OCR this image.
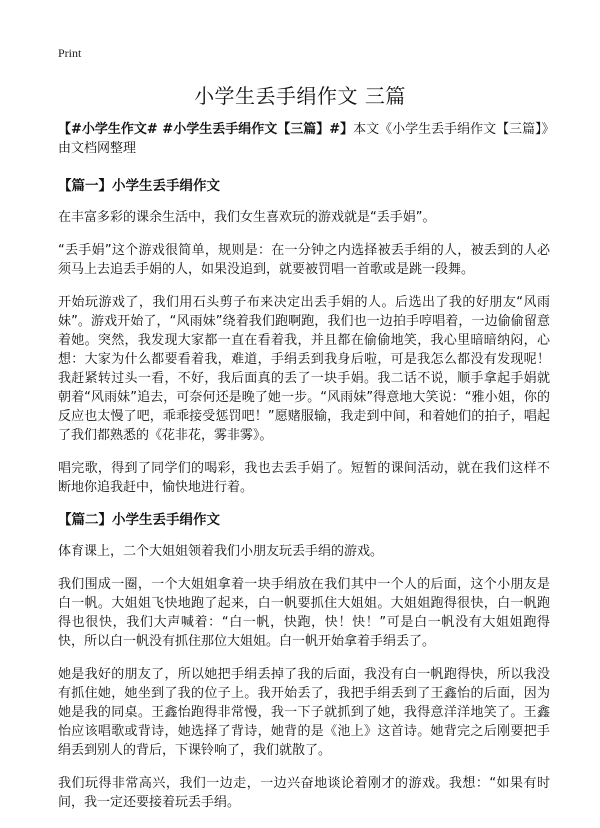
Print
小学生丢手绢作文 三篇

【#小学生作文# #小学生丢手绢作文【三篇】#】本文《小学生丢手绢作文【三篇】》由文档网整理

【篇一】小学生丢手绢作文

在丰富多彩的课余生活中，我们女生喜欢玩的游戏就是“丢手娟”。

“丢手娟”这个游戏很简单，规则是：在一分钟之内选择被丢手绢的人，被丢到的人必须马上去追丢手娟的人，如果没追到，就要被罚唱一首歌或是跳一段舞。

开始玩游戏了，我们用石头剪子布来决定出丢手娟的人。后选出了我的好朋友“风雨妹”。游戏开始了，“风雨妹”绕着我们跑啊跑，我们也一边拍手哼唱着，一边偷偷留意着她。突然，我发现大家都一直在看着我，并且都在偷偷地笑，我心里暗暗纳闷，心想：大家为什么都要看着我，难道，手绢丢到我身后啦，可是我怎么都没有发现呢！我赶紧转过头一看，不好，我后面真的丢了一块手娟。我二话不说，顺手拿起手娟就朝着“风雨妹”追去，可奈何还是晚了她一步。“风雨妹”得意地大笑说：“雅小姐，你的反应也太慢了吧，乖乖接受惩罚吧！”愿赌服输，我走到中间，和着她们的拍子，唱起了我们都熟悉的《花非花，雾非雾》。

唱完歌，得到了同学们的喝彩，我也去丢手娟了。短暂的课间活动，就在我们这样不断地你追我赶中，愉快地进行着。

【篇二】小学生丢手绢作文

体育课上，二个大姐姐领着我们小朋友玩丢手绢的游戏。

我们围成一圈，一个大姐姐拿着一块手绢放在我们其中一个人的后面，这个小朋友是白一帆。大姐姐飞快地跑了起来，白一帆要抓住大姐姐。大姐姐跑得很快，白一帆跑得也很快，我们大声喊着：“白一帆，快跑，快！快！”可是白一帆没有大姐姐跑得快，所以白一帆没有抓住那位大姐姐。白一帆开始拿着手绢丢了。

她是我好的朋友了，所以她把手绢丢掉了我的后面，我没有白一帆跑得快，所以我没有抓住她，她坐到了我的位子上。我开始丢了，我把手绢丢到了王鑫怡的后面，因为她是我的同桌。王鑫怡跑得非常慢，我一下子就抓到了她，我得意洋洋地笑了。王鑫怡应该唱歌或背诗，她选择了背诗，她背的是《池上》这首诗。她背完之后刚要把手绢丢到别人的背后，下课铃响了，我们就散了。

我们玩得非常高兴，我们一边走，一边兴奋地谈论着刚才的游戏。我想：“如果有时间，我一定还要接着玩丢手绢。
